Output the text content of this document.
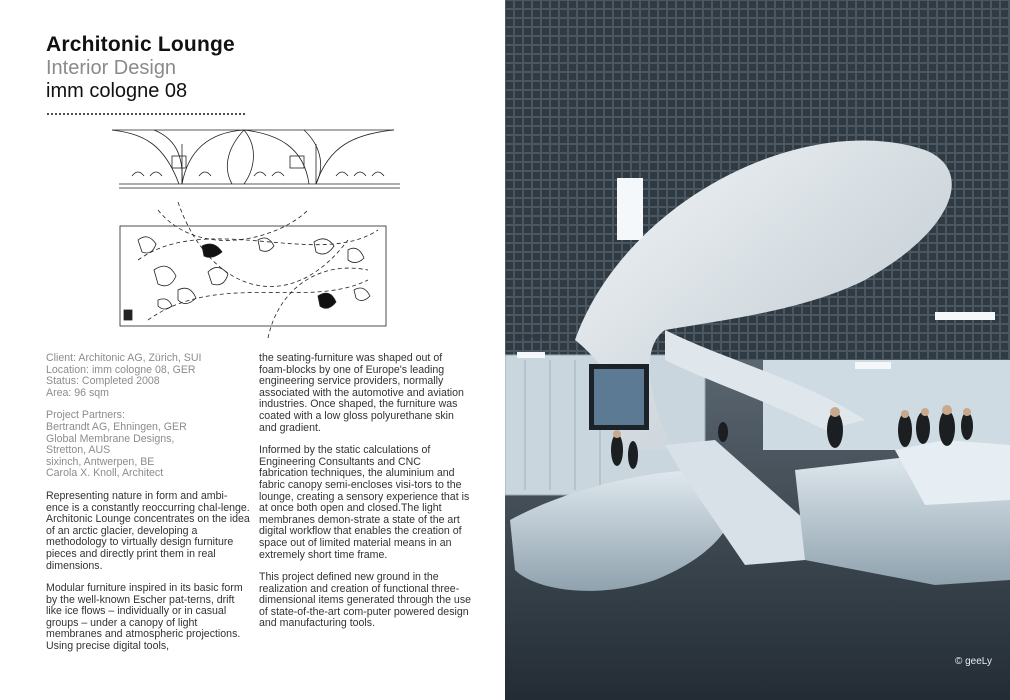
Architonic Lounge
Interior Design
imm cologne 08

Client: Architonic AG, Zürich, SUI

Location: imm cologne 08, GER

Status: Completed 2008

Area: 96 sqm

Project Partners:

Bertrandt AG, Ehningen, GER

Global Membrane Designs,

Stretton, AUS

sixinch, Antwerpen, BE

Carola X. Knoll, Architect

Representing nature in form and ambi-ence is a constantly reoccurring chal-lenge. Architonic Lounge concentrates on the idea of an arctic glacier, developing a methodology to virtually design furniture pieces and directly print them in real dimensions.

Modular furniture inspired in its basic form by the well-known Escher pat-terns, drift like ice flows – individually or in casual groups – under a canopy of light membranes and atmospheric projections. Using precise digital tools,

the seating-furniture was shaped out of foam-blocks by one of Europe's leading engineering service providers, normally associated with the automotive and aviation industries. Once shaped, the furniture was coated with a low gloss polyurethane skin and gradient.

Informed by the static calculations of Engineering Consultants and CNC fabrication techniques, the aluminium and fabric canopy semi-encloses visi-tors to the lounge, creating a sensory experience that is at once both open and closed.The light membranes demon-strate a state of the art digital workflow that enables the creation of space out of limited material means in an extremely short time frame.

This project defined new ground in the realization and creation of functional three- dimensional items generated through the use of state-of-the-art com-puter powered design and manufacturing tools.

ce Centre Ost
© geeLy
